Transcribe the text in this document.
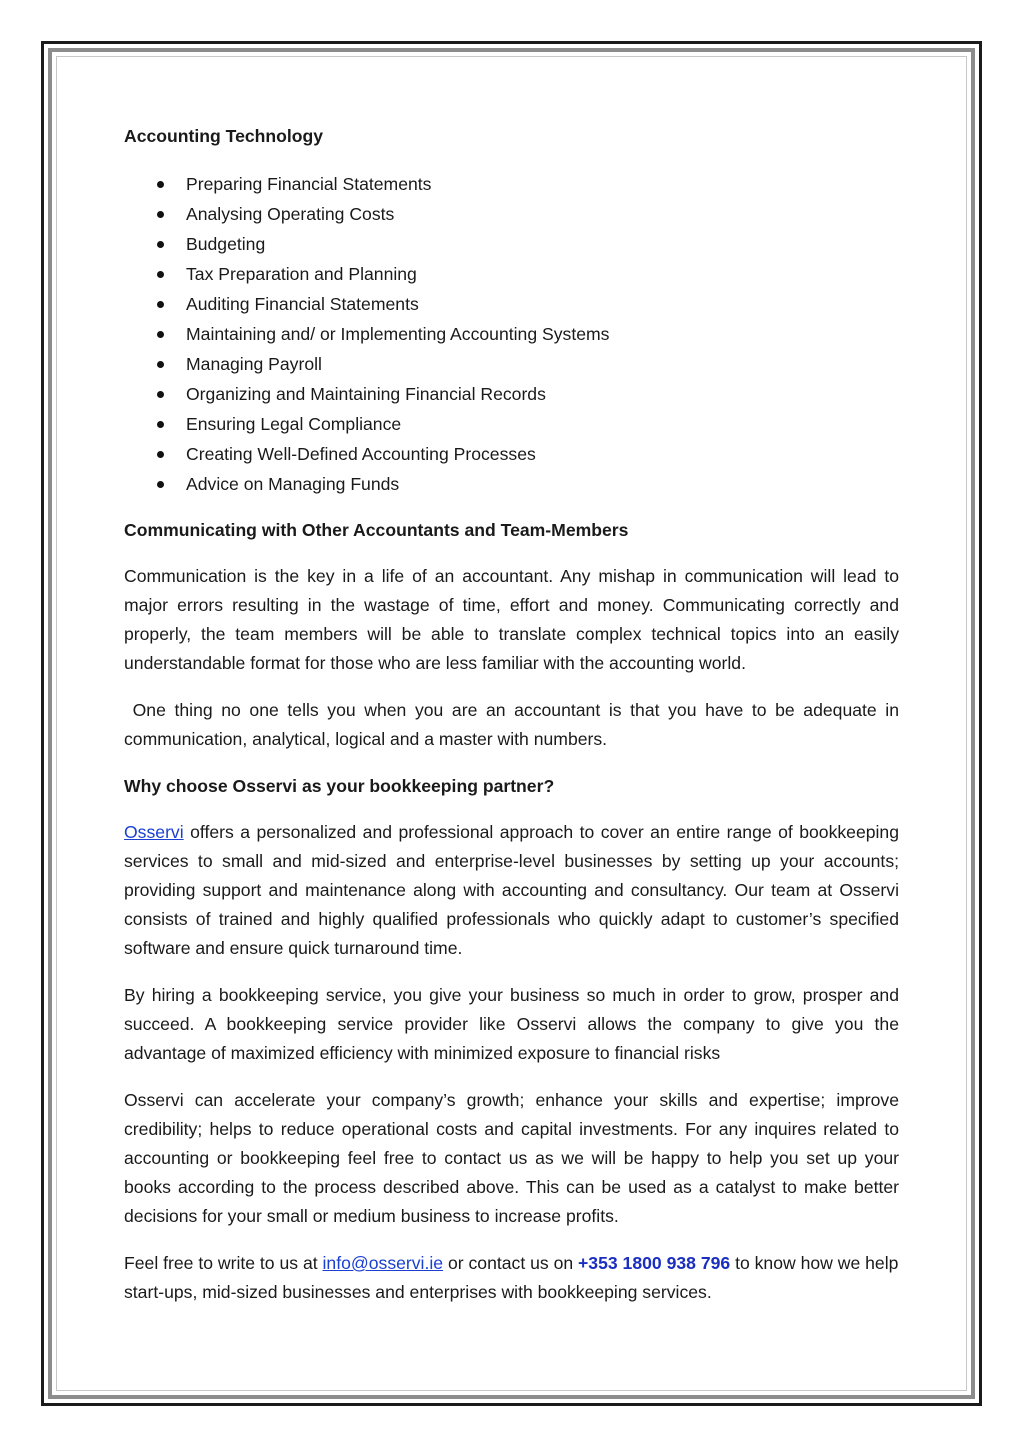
Accounting Technology
Preparing Financial Statements
Analysing Operating Costs
Budgeting
Tax Preparation and Planning
Auditing Financial Statements
Maintaining and/ or Implementing Accounting Systems
Managing Payroll
Organizing and Maintaining Financial Records
Ensuring Legal Compliance
Creating Well-Defined Accounting Processes
Advice on Managing Funds
Communicating with Other Accountants and Team-Members

Communication is the key in a life of an accountant. Any mishap in communication will lead to major errors resulting in the wastage of time, effort and money. Communicating correctly and properly, the team members will be able to translate complex technical topics into an easily understandable format for those who are less familiar with the accounting world.

One thing no one tells you when you are an accountant is that you have to be adequate in communication, analytical, logical and a master with numbers.

Why choose Osservi as your bookkeeping partner?

Osservi offers a personalized and professional approach to cover an entire range of bookkeeping services to small and mid-sized and enterprise-level businesses by setting up your accounts; providing support and maintenance along with accounting and consultancy. Our team at Osservi consists of trained and highly qualified professionals who quickly adapt to customer’s specified software and ensure quick turnaround time.

By hiring a bookkeeping service, you give your business so much in order to grow, prosper and succeed. A bookkeeping service provider like Osservi allows the company to give you the advantage of maximized efficiency with minimized exposure to financial risks

Osservi can accelerate your company’s growth; enhance your skills and expertise; improve credibility; helps to reduce operational costs and capital investments. For any inquires related to accounting or bookkeeping feel free to contact us as we will be happy to help you set up your books according to the process described above. This can be used as a catalyst to make better decisions for your small or medium business to increase profits.

Feel free to write to us at info@osservi.ie or contact us on +353 1800 938 796 to know how we help start-ups, mid-sized businesses and enterprises with bookkeeping services.
